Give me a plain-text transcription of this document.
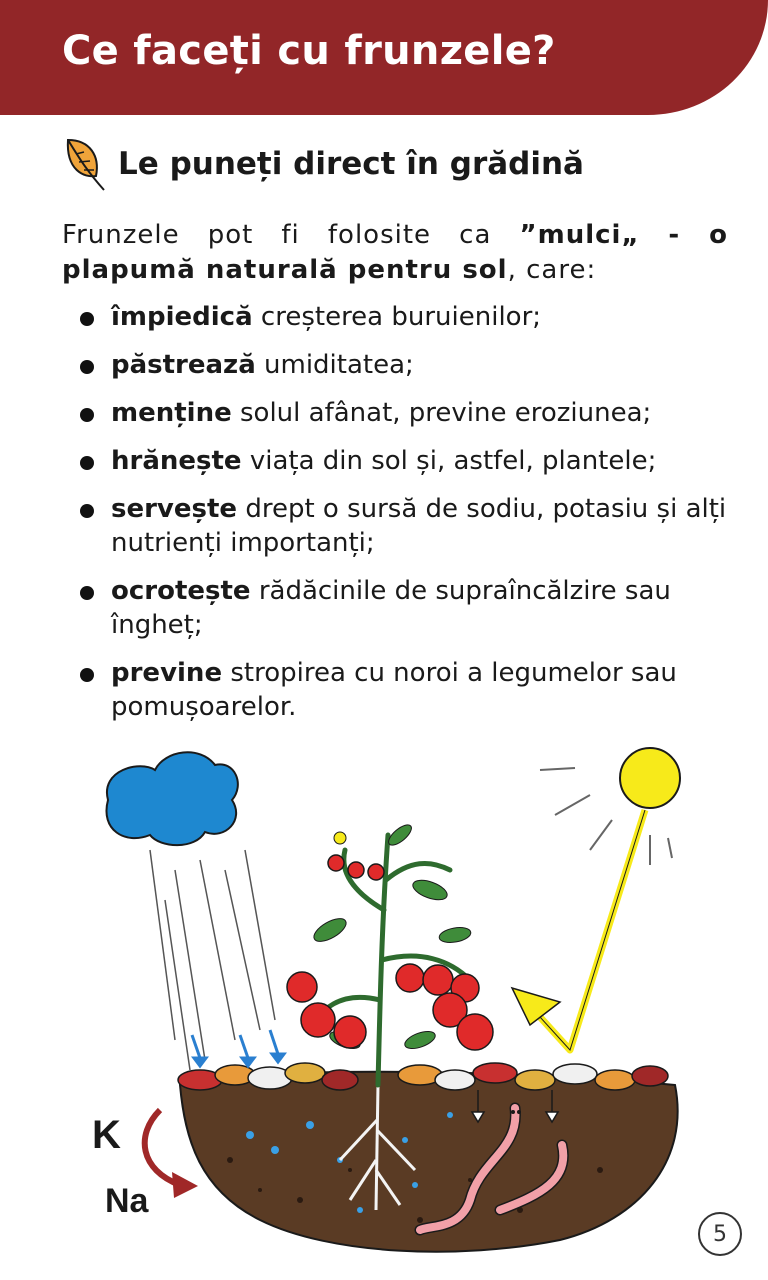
Ce faceți cu frunzele?
Le puneți direct în grădină
Frunzele pot fi folosite ca ”mulci„ - o plapumă naturală pentru sol, care:
împiedică creșterea buruienilor;
păstrează umiditatea;
menține solul afânat, previne eroziunea;
hrănește viața din sol și, astfel, plantele;
servește drept o sursă de sodiu, potasiu și alți nutrienți importanți;
ocrotește rădăcinile de supraîncălzire sau îngheț;
previne stropirea cu noroi a legumelor sau pomușoarelor.
K
Na
5
